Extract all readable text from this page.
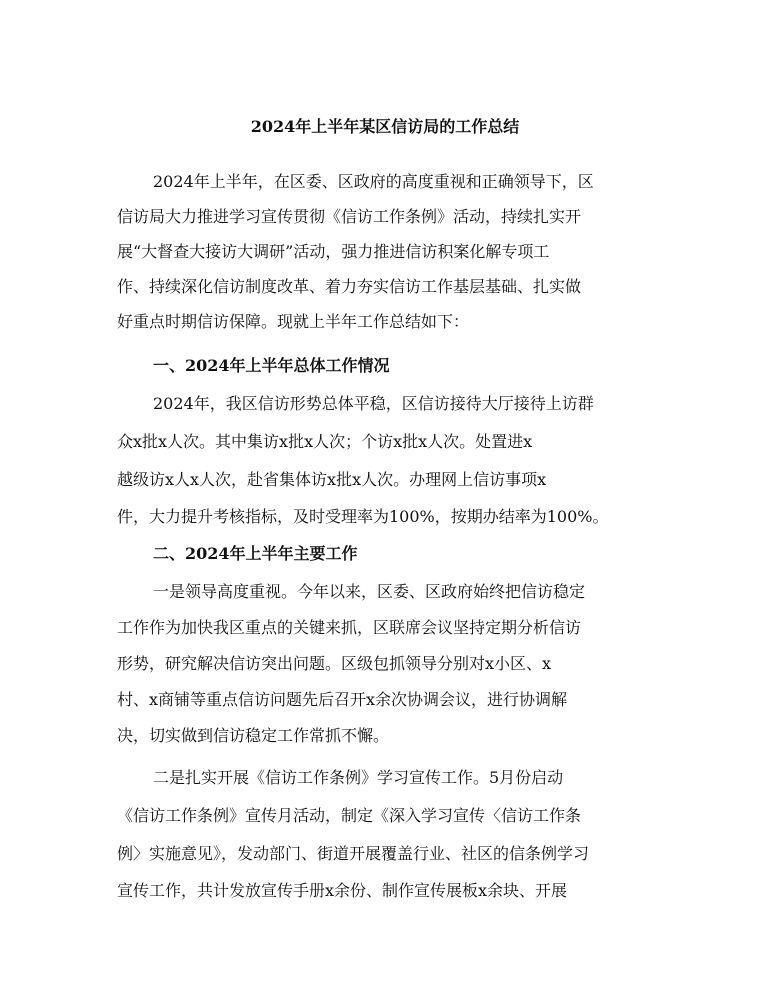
2024年上半年某区信访局的工作总结
2024年上半年，在区委、区政府的高度重视和正确领导下，区
信访局大力推进学习宣传贯彻《信访工作条例》活动，持续扎实开
展“大督查大接访大调研”活动，强力推进信访积案化解专项工
作、持续深化信访制度改革、着力夯实信访工作基层基础、扎实做
好重点时期信访保障。现就上半年工作总结如下：
一、2024年上半年总体工作情况
2024年，我区信访形势总体平稳，区信访接待大厅接待上访群
众x批x人次。其中集访x批x人次；个访x批x人次。处置进x
越级访x人x人次，赴省集体访x批x人次。办理网上信访事项x
件，大力提升考核指标，及时受理率为100%，按期办结率为100%。
二、2024年上半年主要工作
一是领导高度重视。今年以来，区委、区政府始终把信访稳定
工作作为加快我区重点的关键来抓，区联席会议坚持定期分析信访
形势，研究解决信访突出问题。区级包抓领导分别对x小区、x
村、x商铺等重点信访问题先后召开x余次协调会议，进行协调解
决，切实做到信访稳定工作常抓不懈。
二是扎实开展《信访工作条例》学习宣传工作。5月份启动
《信访工作条例》宣传月活动，制定《深入学习宣传〈信访工作条
例〉实施意见》，发动部门、街道开展覆盖行业、社区的信条例学习
宣传工作，共计发放宣传手册x余份、制作宣传展板x余块、开展
